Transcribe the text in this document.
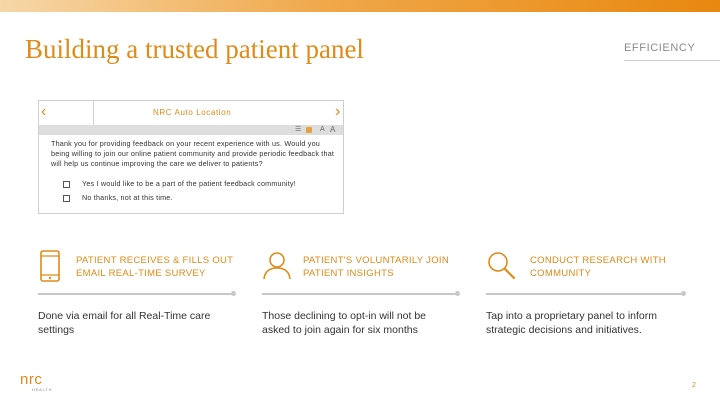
Building a trusted patient panel	EFFICIENCY
‹	NRC Auto Location	›
☰	A A
Thank you for providing feedback on your recent experience with us. Would you being willing to join our online patient community and provide periodic feedback that will help us continue improving the care we deliver to patients?
Yes I would like to be a part of the patient feedback community!
No thanks, not at this time.
PATIENT RECEIVES & FILLS OUT EMAIL REAL-TIME SURVEY
Done via email for all Real-Time care settings
PATIENT'S VOLUNTARILY JOIN PATIENT INSIGHTS
Those declining to opt-in will not be asked to join again for six months
CONDUCT RESEARCH WITH COMMUNITY
Tap into a proprietary panel to inform strategic decisions and initiatives.
nrc
HEALTH
2
